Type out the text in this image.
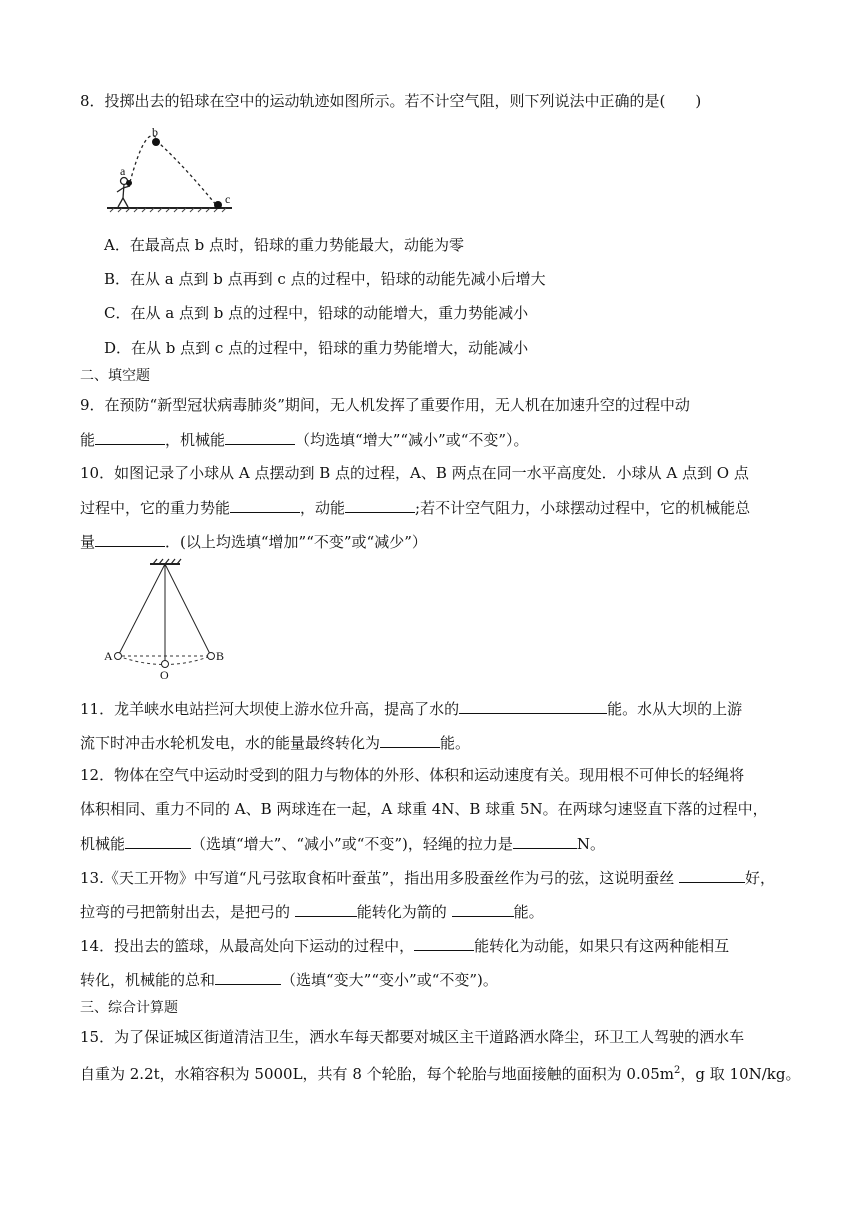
8．投掷出去的铅球在空中的运动轨迹如图所示。若不计空气阻，则下列说法中正确的是(　　)
a
b
c
A．在最高点 b 点时，铅球的重力势能最大，动能为零
B．在从 a 点到 b 点再到 c 点的过程中，铅球的动能先减小后增大
C．在从 a 点到 b 点的过程中，铅球的动能增大，重力势能减小
D．在从 b 点到 c 点的过程中，铅球的重力势能增大，动能减小
二、填空题
9．在预防“新型冠状病毒肺炎”期间，无人机发挥了重要作用，无人机在加速升空的过程中动
能	，机械能	（均选填“增大”“减小”或“不变”）。
10．如图记录了小球从 A 点摆动到 B 点的过程，A、B 两点在同一水平高度处．小球从 A 点到 O 点
过程中，它的重力势能	，动能	;若不计空气阻力，小球摆动过程中，它的机械能总
量	．(以上均选填“增加”“不变”或“减少”）
A	B
O
11．龙羊峡水电站拦河大坝使上游水位升高，提高了水的	能。水从大坝的上游
流下时冲击水轮机发电，水的能量最终转化为	能。
12．物体在空气中运动时受到的阻力与物体的外形、体积和运动速度有关。现用根不可伸长的轻绳将
体积相同、重力不同的 A、B 两球连在一起，A 球重 4N、B 球重 5N。在两球匀速竖直下落的过程中，
机械能	（选填“增大”、“减小”或“不变”)，轻绳的拉力是	N。
13.《天工开物》中写道“凡弓弦取食柘叶蚕茧”，指出用多股蚕丝作为弓的弦，这说明蚕丝	好，
拉弯的弓把箭射出去，是把弓的	能转化为箭的	能。
14．投出去的篮球，从最高处向下运动的过程中，	能转化为动能，如果只有这两种能相互
转化，机械能的总和	（选填“变大”“变小”或“不变”)。
三、综合计算题
15．为了保证城区街道清洁卫生，洒水车每天都要对城区主干道路洒水降尘，环卫工人驾驶的洒水车
自重为 2.2t，水箱容积为 5000L，共有 8 个轮胎，每个轮胎与地面接触的面积为 $0.05m^2$，g 取 10N/kg。
